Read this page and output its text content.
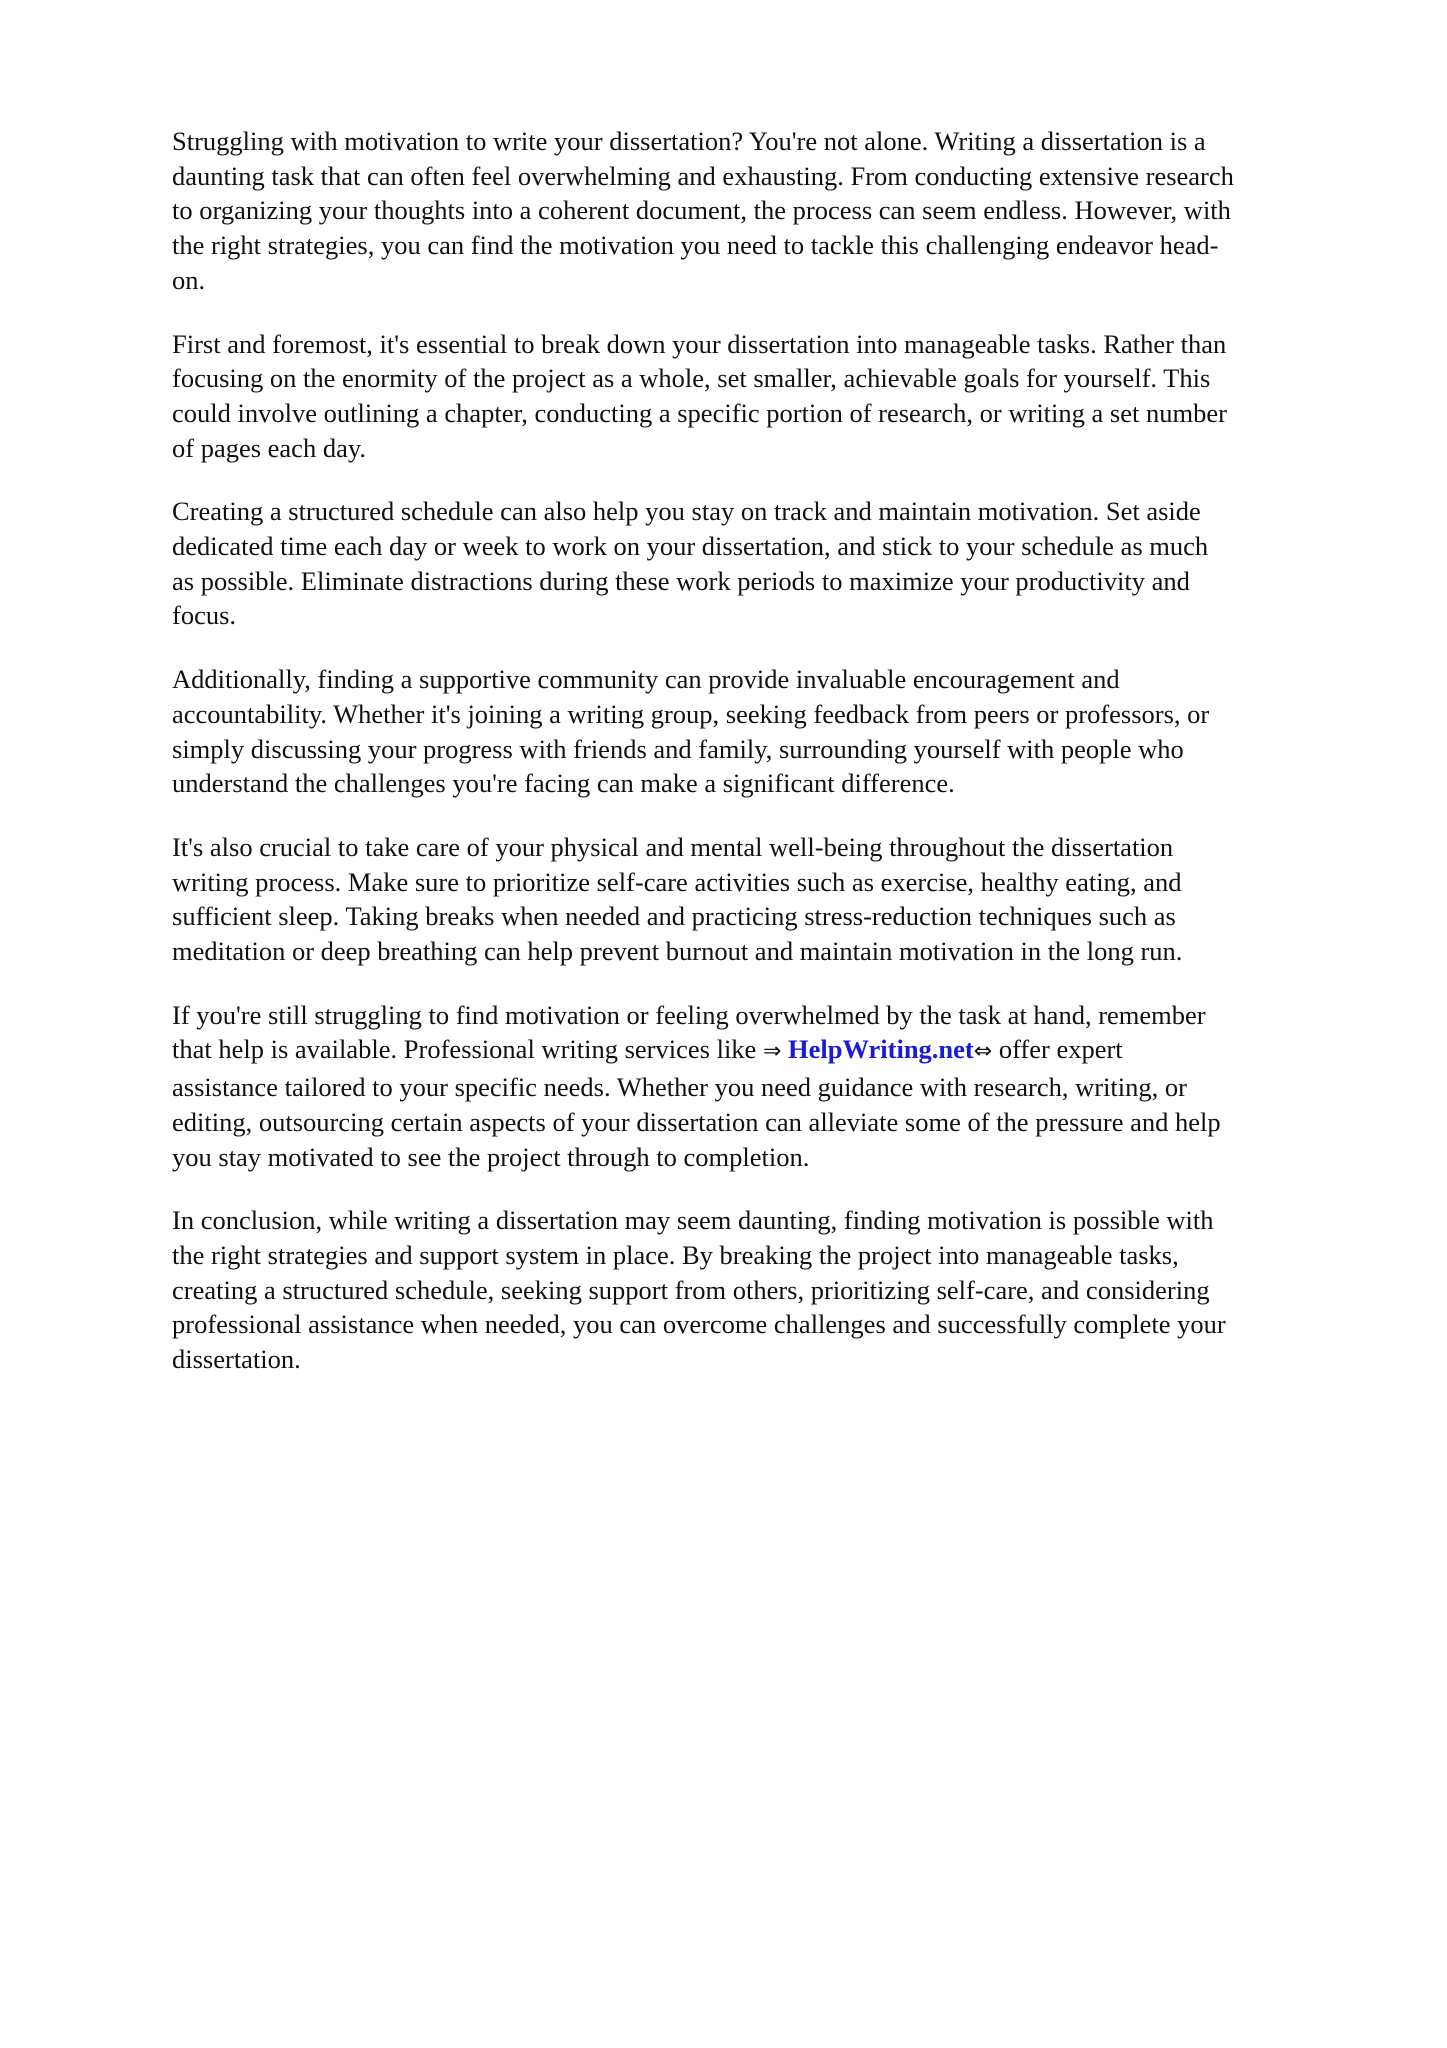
Struggling with motivation to write your dissertation? You're not alone. Writing a dissertation is a
daunting task that can often feel overwhelming and exhausting. From conducting extensive research
to organizing your thoughts into a coherent document, the process can seem endless. However, with
the right strategies, you can find the motivation you need to tackle this challenging endeavor head-
on.
First and foremost, it's essential to break down your dissertation into manageable tasks. Rather than
focusing on the enormity of the project as a whole, set smaller, achievable goals for yourself. This
could involve outlining a chapter, conducting a specific portion of research, or writing a set number
of pages each day.
Creating a structured schedule can also help you stay on track and maintain motivation. Set aside
dedicated time each day or week to work on your dissertation, and stick to your schedule as much
as possible. Eliminate distractions during these work periods to maximize your productivity and
focus.
Additionally, finding a supportive community can provide invaluable encouragement and
accountability. Whether it's joining a writing group, seeking feedback from peers or professors, or
simply discussing your progress with friends and family, surrounding yourself with people who
understand the challenges you're facing can make a significant difference.
It's also crucial to take care of your physical and mental well-being throughout the dissertation
writing process. Make sure to prioritize self-care activities such as exercise, healthy eating, and
sufficient sleep. Taking breaks when needed and practicing stress-reduction techniques such as
meditation or deep breathing can help prevent burnout and maintain motivation in the long run.
If you're still struggling to find motivation or feeling overwhelmed by the task at hand, remember
that help is available. Professional writing services like ⇒ HelpWriting.net⇔ offer expert
assistance tailored to your specific needs. Whether you need guidance with research, writing, or
editing, outsourcing certain aspects of your dissertation can alleviate some of the pressure and help
you stay motivated to see the project through to completion.
In conclusion, while writing a dissertation may seem daunting, finding motivation is possible with
the right strategies and support system in place. By breaking the project into manageable tasks,
creating a structured schedule, seeking support from others, prioritizing self-care, and considering
professional assistance when needed, you can overcome challenges and successfully complete your
dissertation.
